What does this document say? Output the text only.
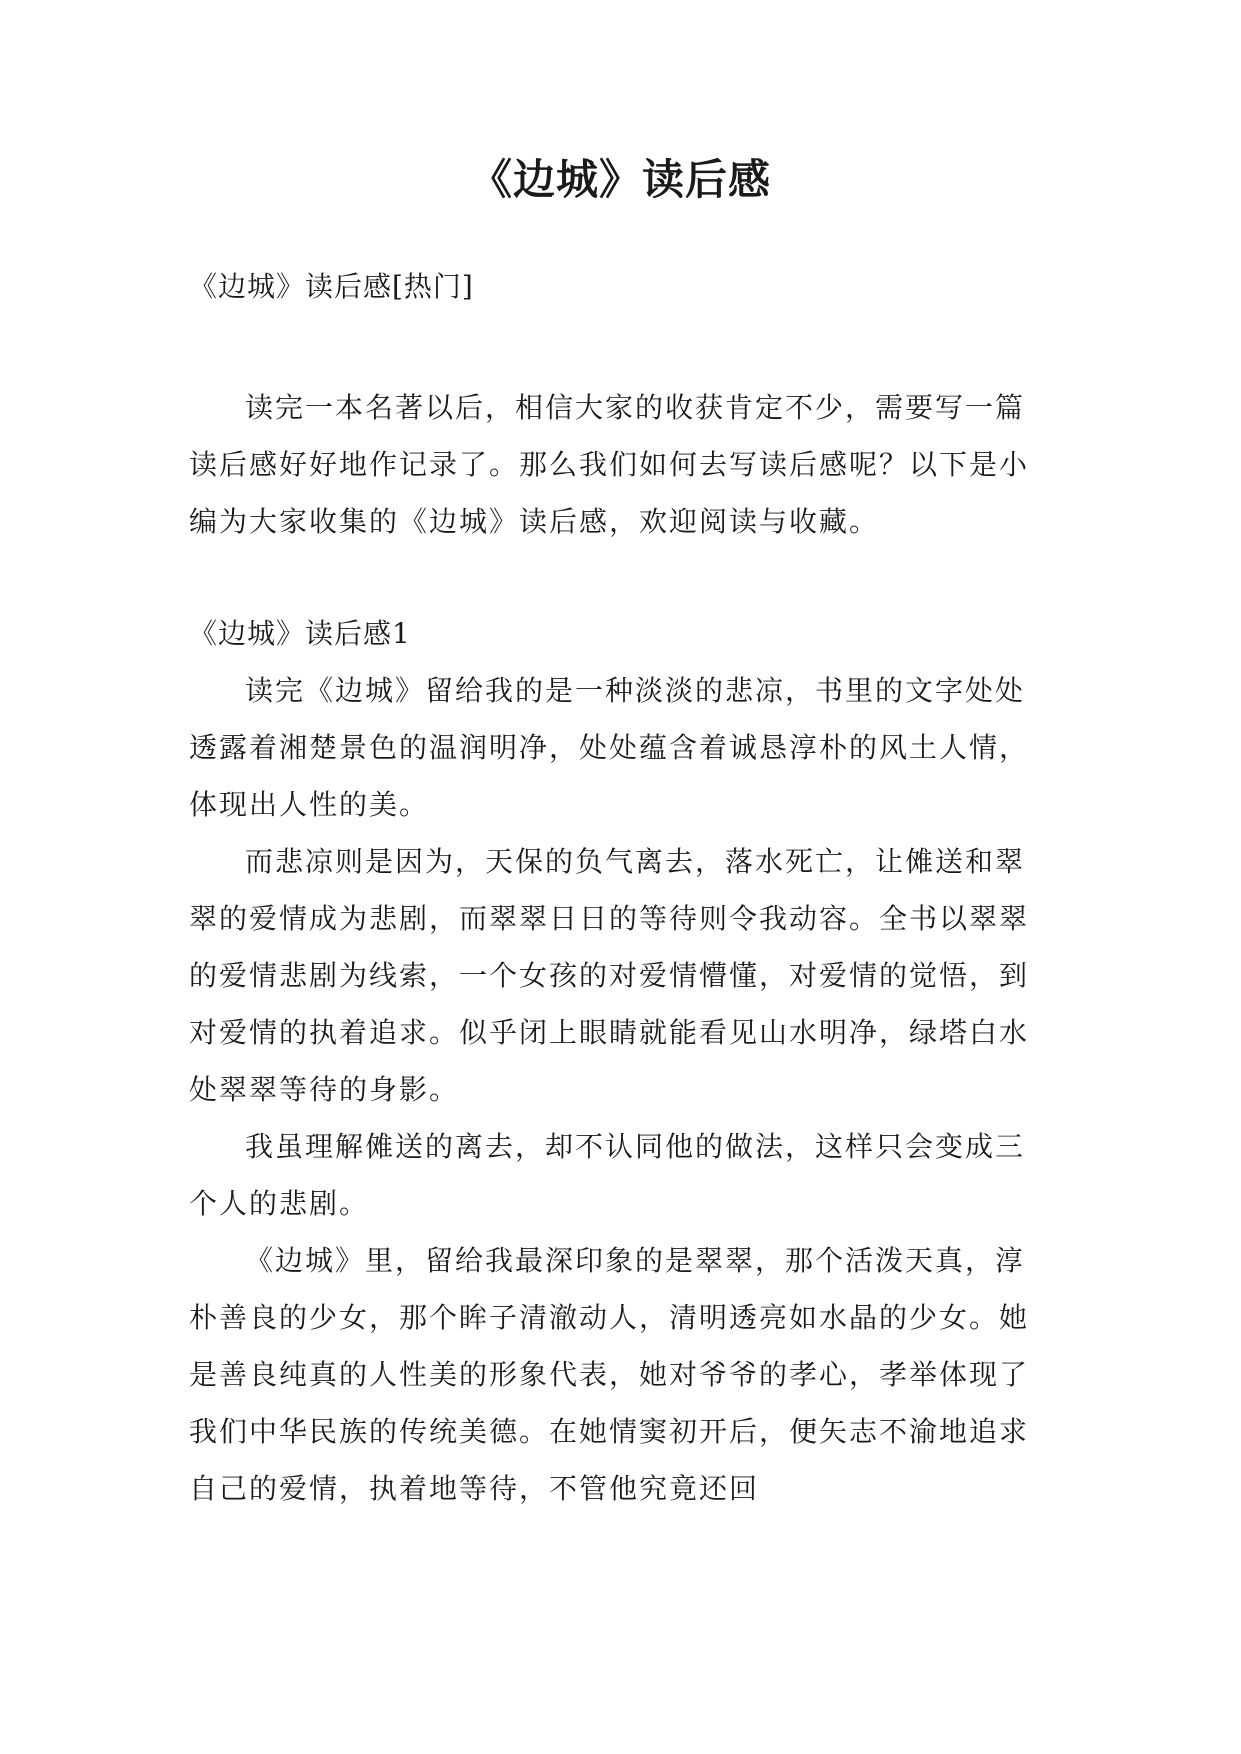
《边城》读后感

《边城》读后感[热门]

读完一本名著以后，相信大家的收获肯定不少，需要写一篇读后感好好地作记录了。那么我们如何去写读后感呢？以下是小编为大家收集的《边城》读后感，欢迎阅读与收藏。

《边城》读后感1

读完《边城》留给我的是一种淡淡的悲凉，书里的文字处处透露着湘楚景色的温润明净，处处蕴含着诚恳淳朴的风土人情，体现出人性的美。

而悲凉则是因为，天保的负气离去，落水死亡，让傩送和翠翠的爱情成为悲剧，而翠翠日日的等待则令我动容。全书以翠翠的爱情悲剧为线索，一个女孩的对爱情懵懂，对爱情的觉悟，到对爱情的执着追求。似乎闭上眼睛就能看见山水明净，绿塔白水处翠翠等待的身影。

我虽理解傩送的离去，却不认同他的做法，这样只会变成三个人的悲剧。

《边城》里，留给我最深印象的是翠翠，那个活泼天真，淳朴善良的少女，那个眸子清澈动人，清明透亮如水晶的少女。她是善良纯真的人性美的形象代表，她对爷爷的孝心，孝举体现了我们中华民族的传统美德。在她情窦初开后，便矢志不渝地追求自己的爱情，执着地等待，不管他究竟还回
